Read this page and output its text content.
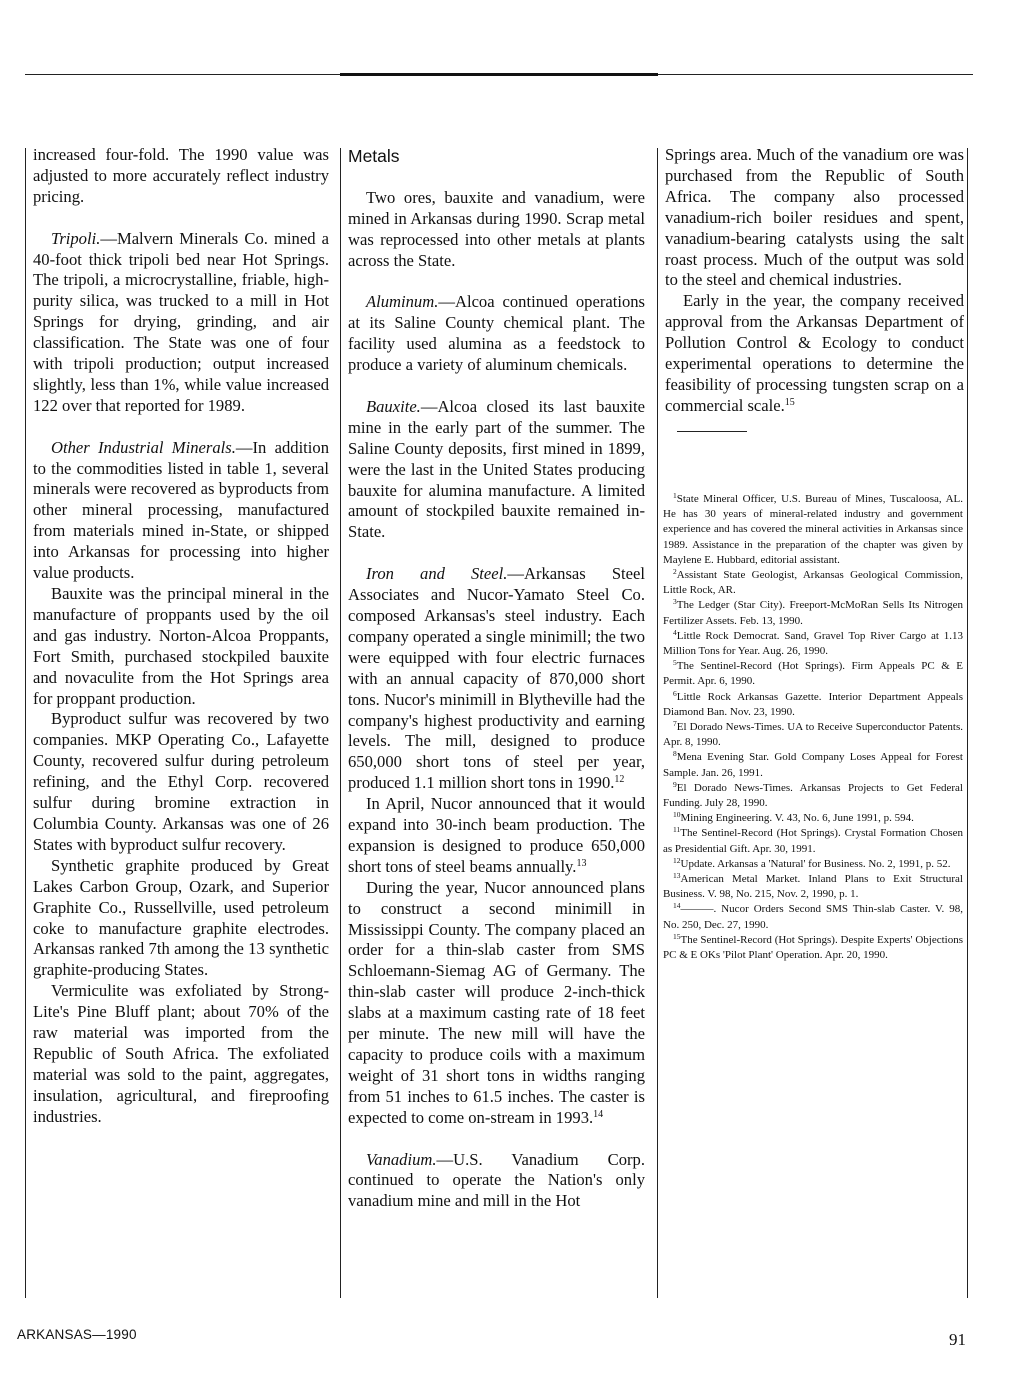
increased four-fold. The 1990 value was adjusted to more accurately reflect industry pricing.

Tripoli.—Malvern Minerals Co. mined a 40-foot thick tripoli bed near Hot Springs. The tripoli, a microcrystalline, friable, high-purity silica, was trucked to a mill in Hot Springs for drying, grinding, and air classification. The State was one of four with tripoli production; output increased slightly, less than 1%, while value increased 122 over that reported for 1989.

Other Industrial Minerals.—In addition to the commodities listed in table 1, several minerals were recovered as byproducts from other mineral processing, manufactured from materials mined in-State, or shipped into Arkansas for processing into higher value products.

Bauxite was the principal mineral in the manufacture of proppants used by the oil and gas industry. Norton-Alcoa Proppants, Fort Smith, purchased stockpiled bauxite and novaculite from the Hot Springs area for proppant production.

Byproduct sulfur was recovered by two companies. MKP Operating Co., Lafayette County, recovered sulfur during petroleum refining, and the Ethyl Corp. recovered sulfur during bromine extraction in Columbia County. Arkansas was one of 26 States with byproduct sulfur recovery.

Synthetic graphite produced by Great Lakes Carbon Group, Ozark, and Superior Graphite Co., Russellville, used petroleum coke to manufacture graphite electrodes. Arkansas ranked 7th among the 13 synthetic graphite-producing States.

Vermiculite was exfoliated by Strong-Lite's Pine Bluff plant; about 70% of the raw material was imported from the Republic of South Africa. The exfoliated material was sold to the paint, aggregates, insulation, agricultural, and fireproofing industries.

Metals

Two ores, bauxite and vanadium, were mined in Arkansas during 1990. Scrap metal was reprocessed into other metals at plants across the State.

Aluminum.—Alcoa continued operations at its Saline County chemical plant. The facility used alumina as a feedstock to produce a variety of aluminum chemicals.

Bauxite.—Alcoa closed its last bauxite mine in the early part of the summer. The Saline County deposits, first mined in 1899, were the last in the United States producing bauxite for alumina manufacture. A limited amount of stockpiled bauxite remained in-State.

Iron and Steel.—Arkansas Steel Associates and Nucor-Yamato Steel Co. composed Arkansas's steel industry. Each company operated a single minimill; the two were equipped with four electric furnaces with an annual capacity of 870,000 short tons. Nucor's minimill in Blytheville had the company's highest productivity and earning levels. The mill, designed to produce 650,000 short tons of steel per year, produced 1.1 million short tons in 1990.12

In April, Nucor announced that it would expand into 30-inch beam production. The expansion is designed to produce 650,000 short tons of steel beams annually.$^{13}$

During the year, Nucor announced plans to construct a second minimill in Mississippi County. The company placed an order for a thin-slab caster from SMS Schloemann-Siemag AG of Germany. The thin-slab caster will produce 2-inch-thick slabs at a maximum casting rate of 18 feet per minute. The new mill will have the capacity to produce coils with a maximum weight of 31 short tons in widths ranging from 51 inches to 61.5 inches. The caster is expected to come on-stream in 1993.14

Vanadium.—U.S. Vanadium Corp. continued to operate the Nation's only vanadium mine and mill in the Hot

Springs area. Much of the vanadium ore was purchased from the Republic of South Africa. The company also processed vanadium-rich boiler residues and spent, vanadium-bearing catalysts using the salt roast process. Much of the output was sold to the steel and chemical industries.

Early in the year, the company received approval from the Arkansas Department of Pollution Control & Ecology to conduct experimental operations to determine the feasibility of processing tungsten scrap on a commercial scale.$^{15}$

$^1$State Mineral Officer, U.S. Bureau of Mines, Tuscaloosa, AL. He has 30 years of mineral-related industry and government experience and has covered the mineral activities in Arkansas since 1989. Assistance in the preparation of the chapter was given by Maylene E. Hubbard, editorial assistant.

$^2$Assistant State Geologist, Arkansas Geological Commission, Little Rock, AR.

$^3$The Ledger (Star City). Freeport-McMoRan Sells Its Nitrogen Fertilizer Assets. Feb. 13, 1990.

$^4$Little Rock Democrat. Sand, Gravel Top River Cargo at 1.13 Million Tons for Year. Aug. 26, 1990.

$^5$The Sentinel-Record (Hot Springs). Firm Appeals PC & E Permit. Apr. 6, 1990.

$^6$Little Rock Arkansas Gazette. Interior Department Appeals Diamond Ban. Nov. 23, 1990.

$^7$El Dorado News-Times. UA to Receive Superconductor Patents. Apr. 8, 1990.

$^8$Mena Evening Star. Gold Company Loses Appeal for Forest Sample. Jan. 26, 1991.

$^9$El Dorado News-Times. Arkansas Projects to Get Federal Funding. July 28, 1990.

$^{10}$Mining Engineering. V. 43, No. 6, June 1991, p. 594.

$^{11}$The Sentinel-Record (Hot Springs). Crystal Formation Chosen as Presidential Gift. Apr. 30, 1991.

$^{12}$Update. Arkansas a 'Natural' for Business. No. 2, 1991, p. 52.

$^{13}$American Metal Market. Inland Plans to Exit Structural Business. V. 98, No. 215, Nov. 2, 1990, p. 1.

$^{14}$———. Nucor Orders Second SMS Thin-slab Caster. V. 98, No. 250, Dec. 27, 1990.

$^{15}$The Sentinel-Record (Hot Springs). Despite Experts' Objections PC & E OKs 'Pilot Plant' Operation. Apr. 20, 1990.

ARKANSAS—1990	91
